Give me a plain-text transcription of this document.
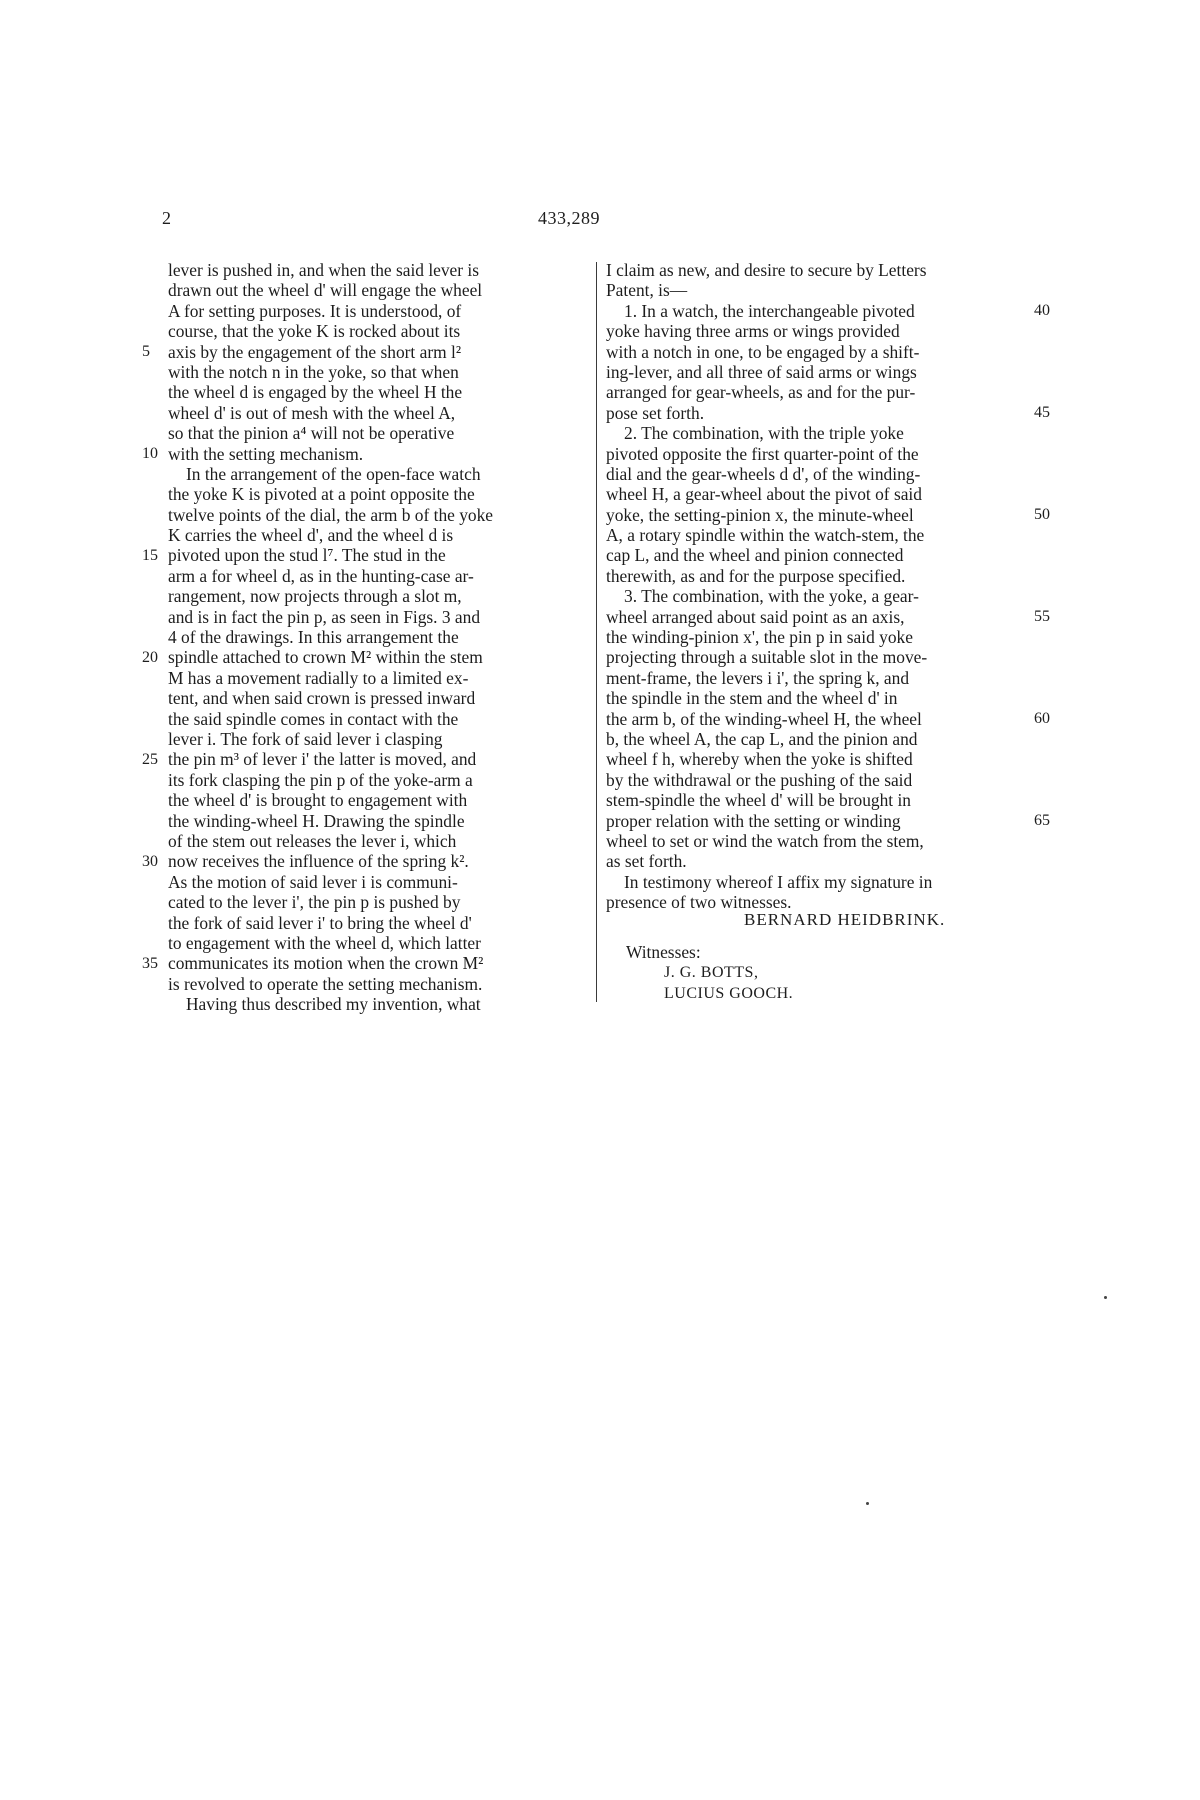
2	433,289
5
10
15
20
25
30
35
lever is pushed in, and when the said lever is
drawn out the wheel d' will engage the wheel
A for setting purposes. It is understood, of
course, that the yoke K is rocked about its
axis by the engagement of the short arm l²
with the notch n in the yoke, so that when
the wheel d is engaged by the wheel H the
wheel d' is out of mesh with the wheel A,
so that the pinion a⁴ will not be operative
with the setting mechanism.
In the arrangement of the open-face watch
the yoke K is pivoted at a point opposite the
twelve points of the dial, the arm b of the yoke
K carries the wheel d', and the wheel d is
pivoted upon the stud l⁷. The stud in the
arm a for wheel d, as in the hunting-case ar-
rangement, now projects through a slot m,
and is in fact the pin p, as seen in Figs. 3 and
4 of the drawings. In this arrangement the
spindle attached to crown M² within the stem
M has a movement radially to a limited ex-
tent, and when said crown is pressed inward
the said spindle comes in contact with the
lever i. The fork of said lever i clasping
the pin m³ of lever i' the latter is moved, and
its fork clasping the pin p of the yoke-arm a
the wheel d' is brought to engagement with
the winding-wheel H. Drawing the spindle
of the stem out releases the lever i, which
now receives the influence of the spring k².
As the motion of said lever i is communi-
cated to the lever i', the pin p is pushed by
the fork of said lever i' to bring the wheel d'
to engagement with the wheel d, which latter
communicates its motion when the crown M²
is revolved to operate the setting mechanism.
Having thus described my invention, what
I claim as new, and desire to secure by Letters
Patent, is—
1. In a watch, the interchangeable pivoted
yoke having three arms or wings provided
with a notch in one, to be engaged by a shift-
ing-lever, and all three of said arms or wings
arranged for gear-wheels, as and for the pur-
pose set forth.
2. The combination, with the triple yoke
pivoted opposite the first quarter-point of the
dial and the gear-wheels d d', of the winding-
wheel H, a gear-wheel about the pivot of said
yoke, the setting-pinion x, the minute-wheel
A, a rotary spindle within the watch-stem, the
cap L, and the wheel and pinion connected
therewith, as and for the purpose specified.
3. The combination, with the yoke, a gear-
wheel arranged about said point as an axis,
the winding-pinion x', the pin p in said yoke
projecting through a suitable slot in the move-
ment-frame, the levers i i', the spring k, and
the spindle in the stem and the wheel d' in
the arm b, of the winding-wheel H, the wheel
b, the wheel A, the cap L, and the pinion and
wheel f h, whereby when the yoke is shifted
by the withdrawal or the pushing of the said
stem-spindle the wheel d' will be brought in
proper relation with the setting or winding
wheel to set or wind the watch from the stem,
as set forth.
In testimony whereof I affix my signature in
presence of two witnesses.
40
45
50
55
60
65
BERNARD HEIDBRINK.
Witnesses:
J. G. BOTTS,
LUCIUS GOOCH.
